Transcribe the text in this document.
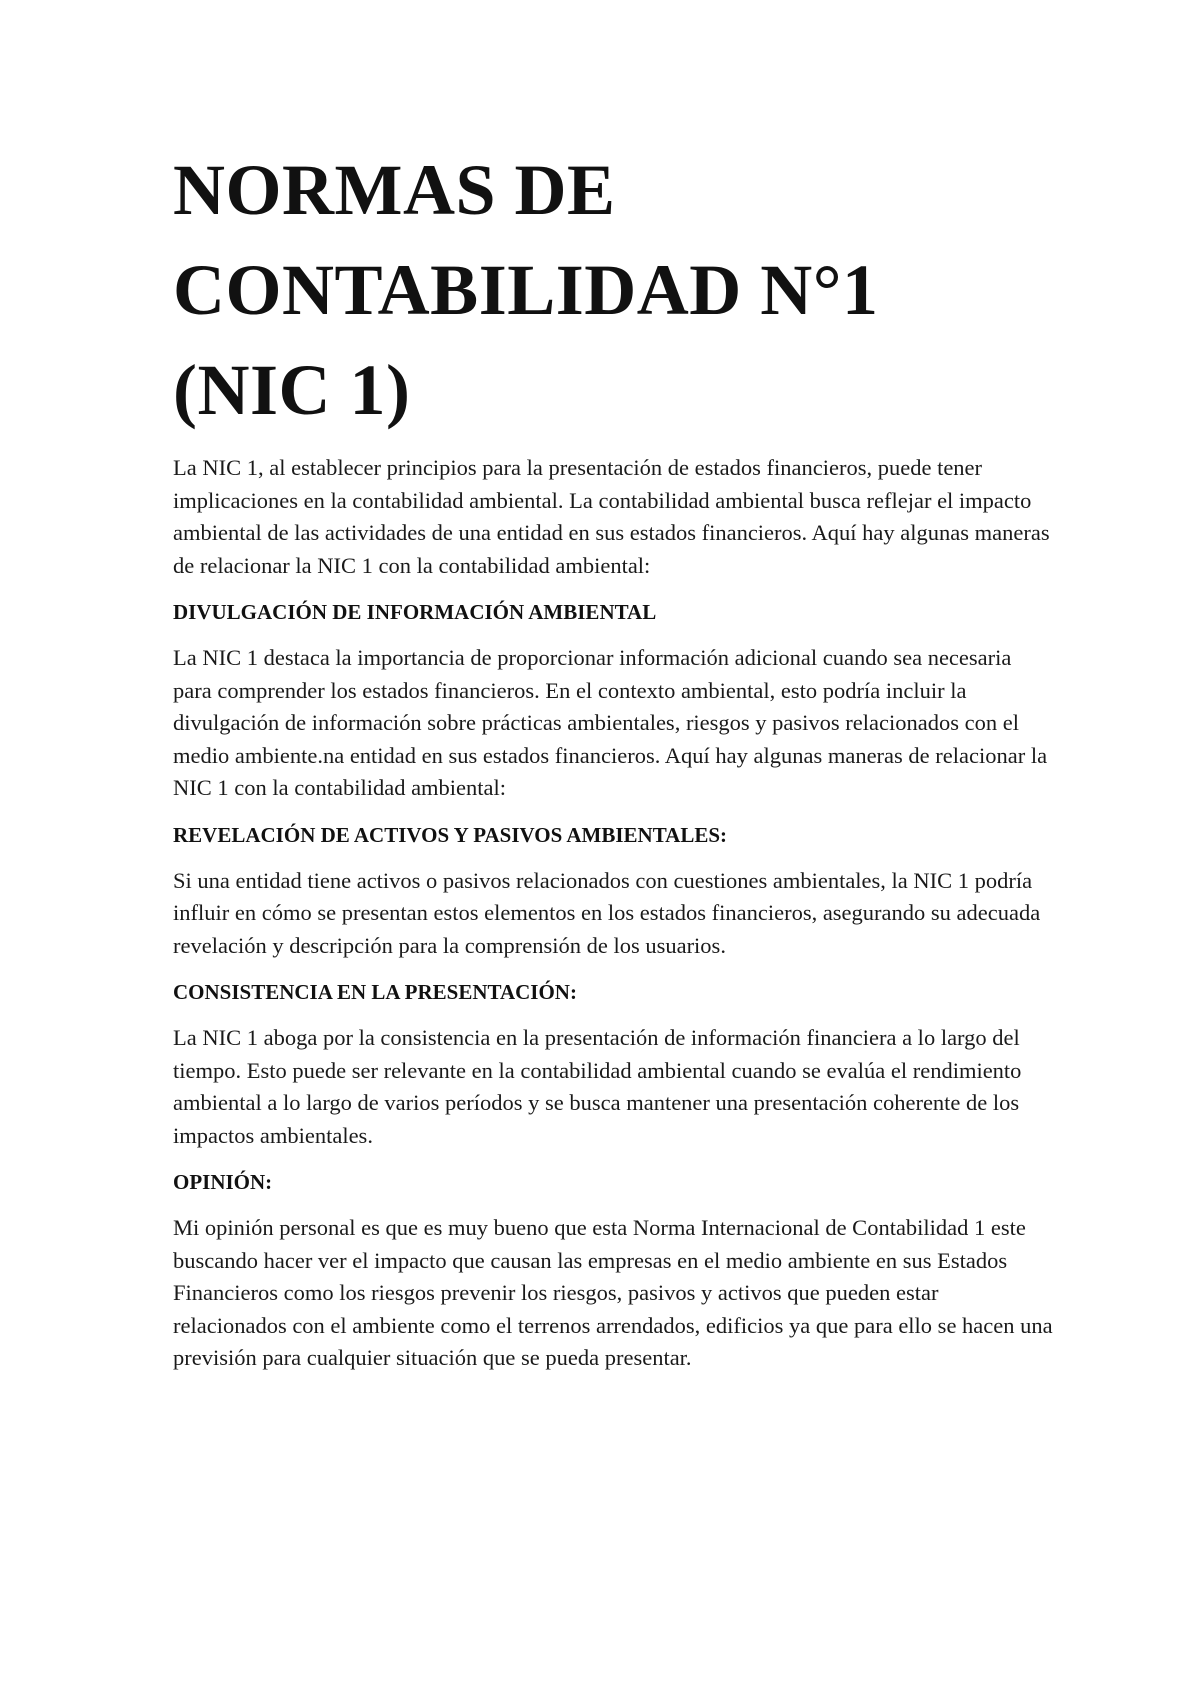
NORMAS DE
CONTABILIDAD N°1
(NIC 1)

La NIC 1, al establecer principios para la presentación de estados financieros, puede tener implicaciones en la contabilidad ambiental. La contabilidad ambiental busca reflejar el impacto ambiental de las actividades de una entidad en sus estados financieros. Aquí hay algunas maneras de relacionar la NIC 1 con la contabilidad ambiental:

DIVULGACIÓN DE INFORMACIÓN AMBIENTAL

La NIC 1 destaca la importancia de proporcionar información adicional cuando sea necesaria para comprender los estados financieros. En el contexto ambiental, esto podría incluir la divulgación de información sobre prácticas ambientales, riesgos y pasivos relacionados con el medio ambiente.na entidad en sus estados financieros. Aquí hay algunas maneras de relacionar la NIC 1 con la contabilidad ambiental:

REVELACIÓN DE ACTIVOS Y PASIVOS AMBIENTALES:

Si una entidad tiene activos o pasivos relacionados con cuestiones ambientales, la NIC 1 podría influir en cómo se presentan estos elementos en los estados financieros, asegurando su adecuada revelación y descripción para la comprensión de los usuarios.

CONSISTENCIA EN LA PRESENTACIÓN:

La NIC 1 aboga por la consistencia en la presentación de información financiera a lo largo del tiempo. Esto puede ser relevante en la contabilidad ambiental cuando se evalúa el rendimiento ambiental a lo largo de varios períodos y se busca mantener una presentación coherente de los impactos ambientales.

OPINIÓN:

Mi opinión personal es que es muy bueno que esta Norma Internacional de Contabilidad 1 este buscando hacer ver el impacto que causan las empresas en el medio ambiente en sus Estados Financieros como los riesgos prevenir los riesgos, pasivos y activos que pueden estar relacionados con el ambiente como el terrenos arrendados, edificios ya que para ello se hacen una previsión para cualquier situación que se pueda presentar.
